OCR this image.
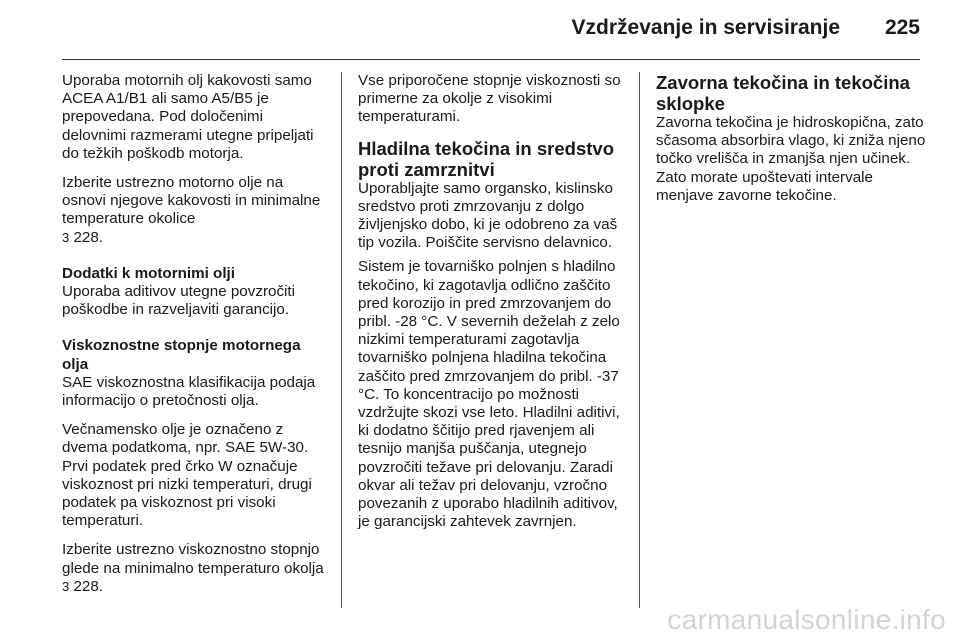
Vzdrževanje in servisiranje 225

Uporaba motornih olj kakovosti samo ACEA A1/B1 ali samo A5/B5 je prepovedana. Pod določenimi delovnimi razmerami utegne pripeljati do težkih poškodb motorja.

Izberite ustrezno motorno olje na osnovi njegove kakovosti in minimalne temperature okolice
3 228.

Dodatki k motornimi olji

Uporaba aditivov utegne povzročiti poškodbe in razveljaviti garancijo.

Viskoznostne stopnje motornega olja

SAE viskoznostna klasifikacija podaja informacijo o pretočnosti olja.

Večnamensko olje je označeno z dvema podatkoma, npr. SAE 5W-30. Prvi podatek pred črko W označuje viskoznost pri nizki temperaturi, drugi podatek pa viskoznost pri visoki temperaturi.

Izberite ustrezno viskoznostno stopnjo glede na minimalno temperaturo okolja 3 228.

Vse priporočene stopnje viskoznosti so primerne za okolje z visokimi temperaturami.

Hladilna tekočina in sredstvo proti zamrznitvi

Uporabljajte samo organsko, kislinsko sredstvo proti zmrzovanju z dolgo življenjsko dobo, ki je odobreno za vaš tip vozila. Poiščite servisno delavnico.

Sistem je tovarniško polnjen s hladilno tekočino, ki zagotavlja odlično zaščito pred korozijo in pred zmrzovanjem do pribl. -28 °C. V severnih deželah z zelo nizkimi temperaturami zagotavlja tovarniško polnjena hladilna tekočina zaščito pred zmrzovanjem do pribl. -37 °C. To koncentracijo po možnosti vzdržujte skozi vse leto. Hladilni aditivi, ki dodatno ščitijo pred rjavenjem ali tesnijo manjša puščanja, utegnejo povzročiti težave pri delovanju. Zaradi okvar ali težav pri delovanju, vzročno povezanih z uporabo hladilnih aditivov, je garancijski zahtevek zavrnjen.

Zavorna tekočina in tekočina sklopke

Zavorna tekočina je hidroskopična, zato sčasoma absorbira vlago, ki zniža njeno točko vrelišča in zmanjša njen učinek. Zato morate upoštevati intervale menjave zavorne tekočine.

carmanualsonline.info
